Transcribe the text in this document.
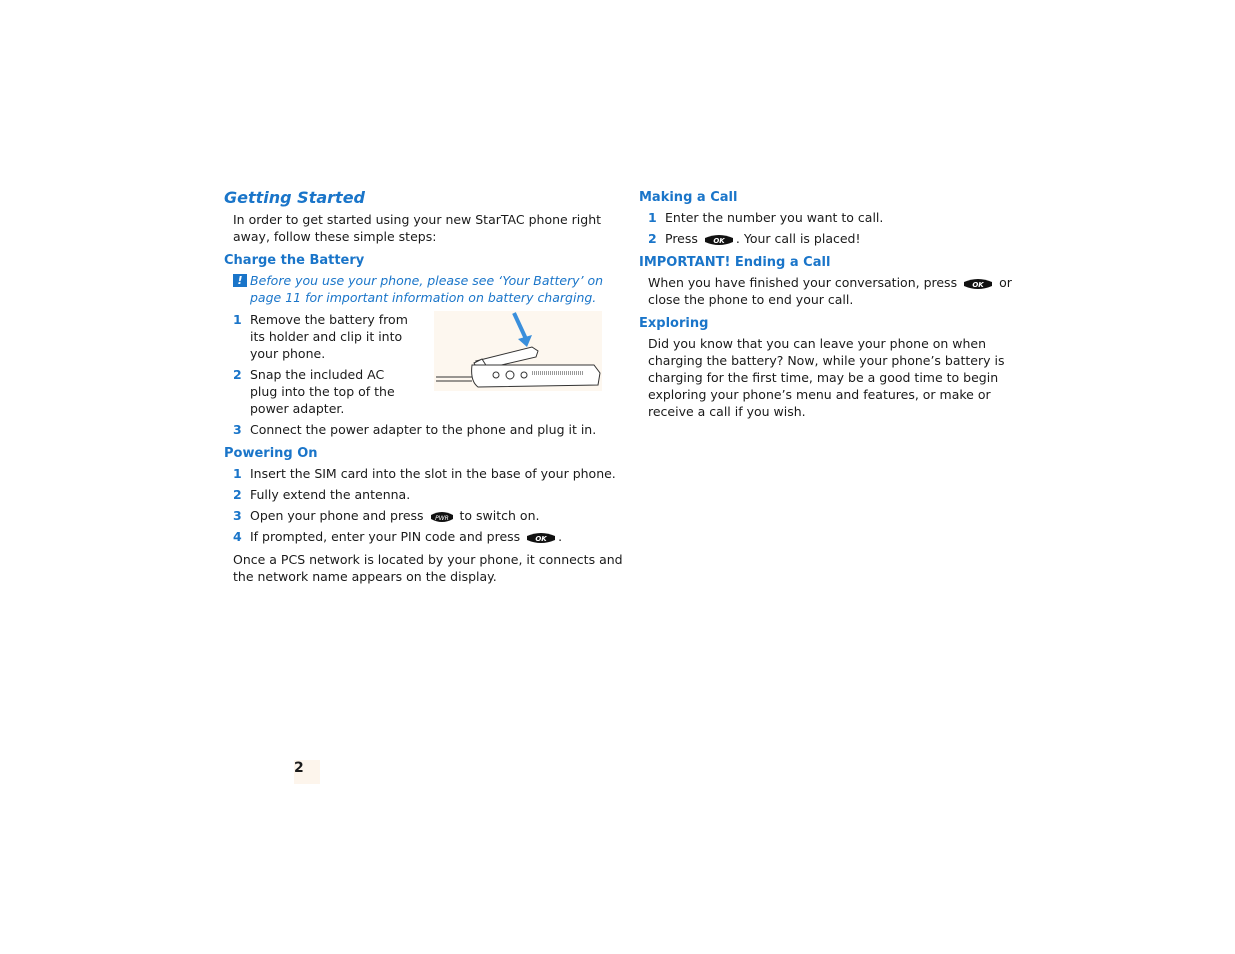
Getting Started
In order to get started using your new StarTAC phone right away, follow these simple steps:
Charge the Battery
! Before you use your phone, please see ‘Your Battery’ on page 11 for important information on battery charging.
1 Remove the battery from its holder and clip it into your phone.
2 Snap the included AC plug into the top of the power adapter.
3 Connect the power adapter to the phone and plug it in.
Powering On
1 Insert the SIM card into the slot in the base of your phone.
2 Fully extend the antenna.
3 Open your phone and press PWR to switch on.
4 If prompted, enter your PIN code and press OK .
Once a PCS network is located by your phone, it connects and the network name appears on the display.
Making a Call
1 Enter the number you want to call.
2 Press OK . Your call is placed!
IMPORTANT! Ending a Call
When you have finished your conversation, press OK or close the phone to end your call.
Exploring
Did you know that you can leave your phone on when charging the battery? Now, while your phone’s battery is charging for the first time, may be a good time to begin exploring your phone’s menu and features, or make or receive a call if you wish.
2
